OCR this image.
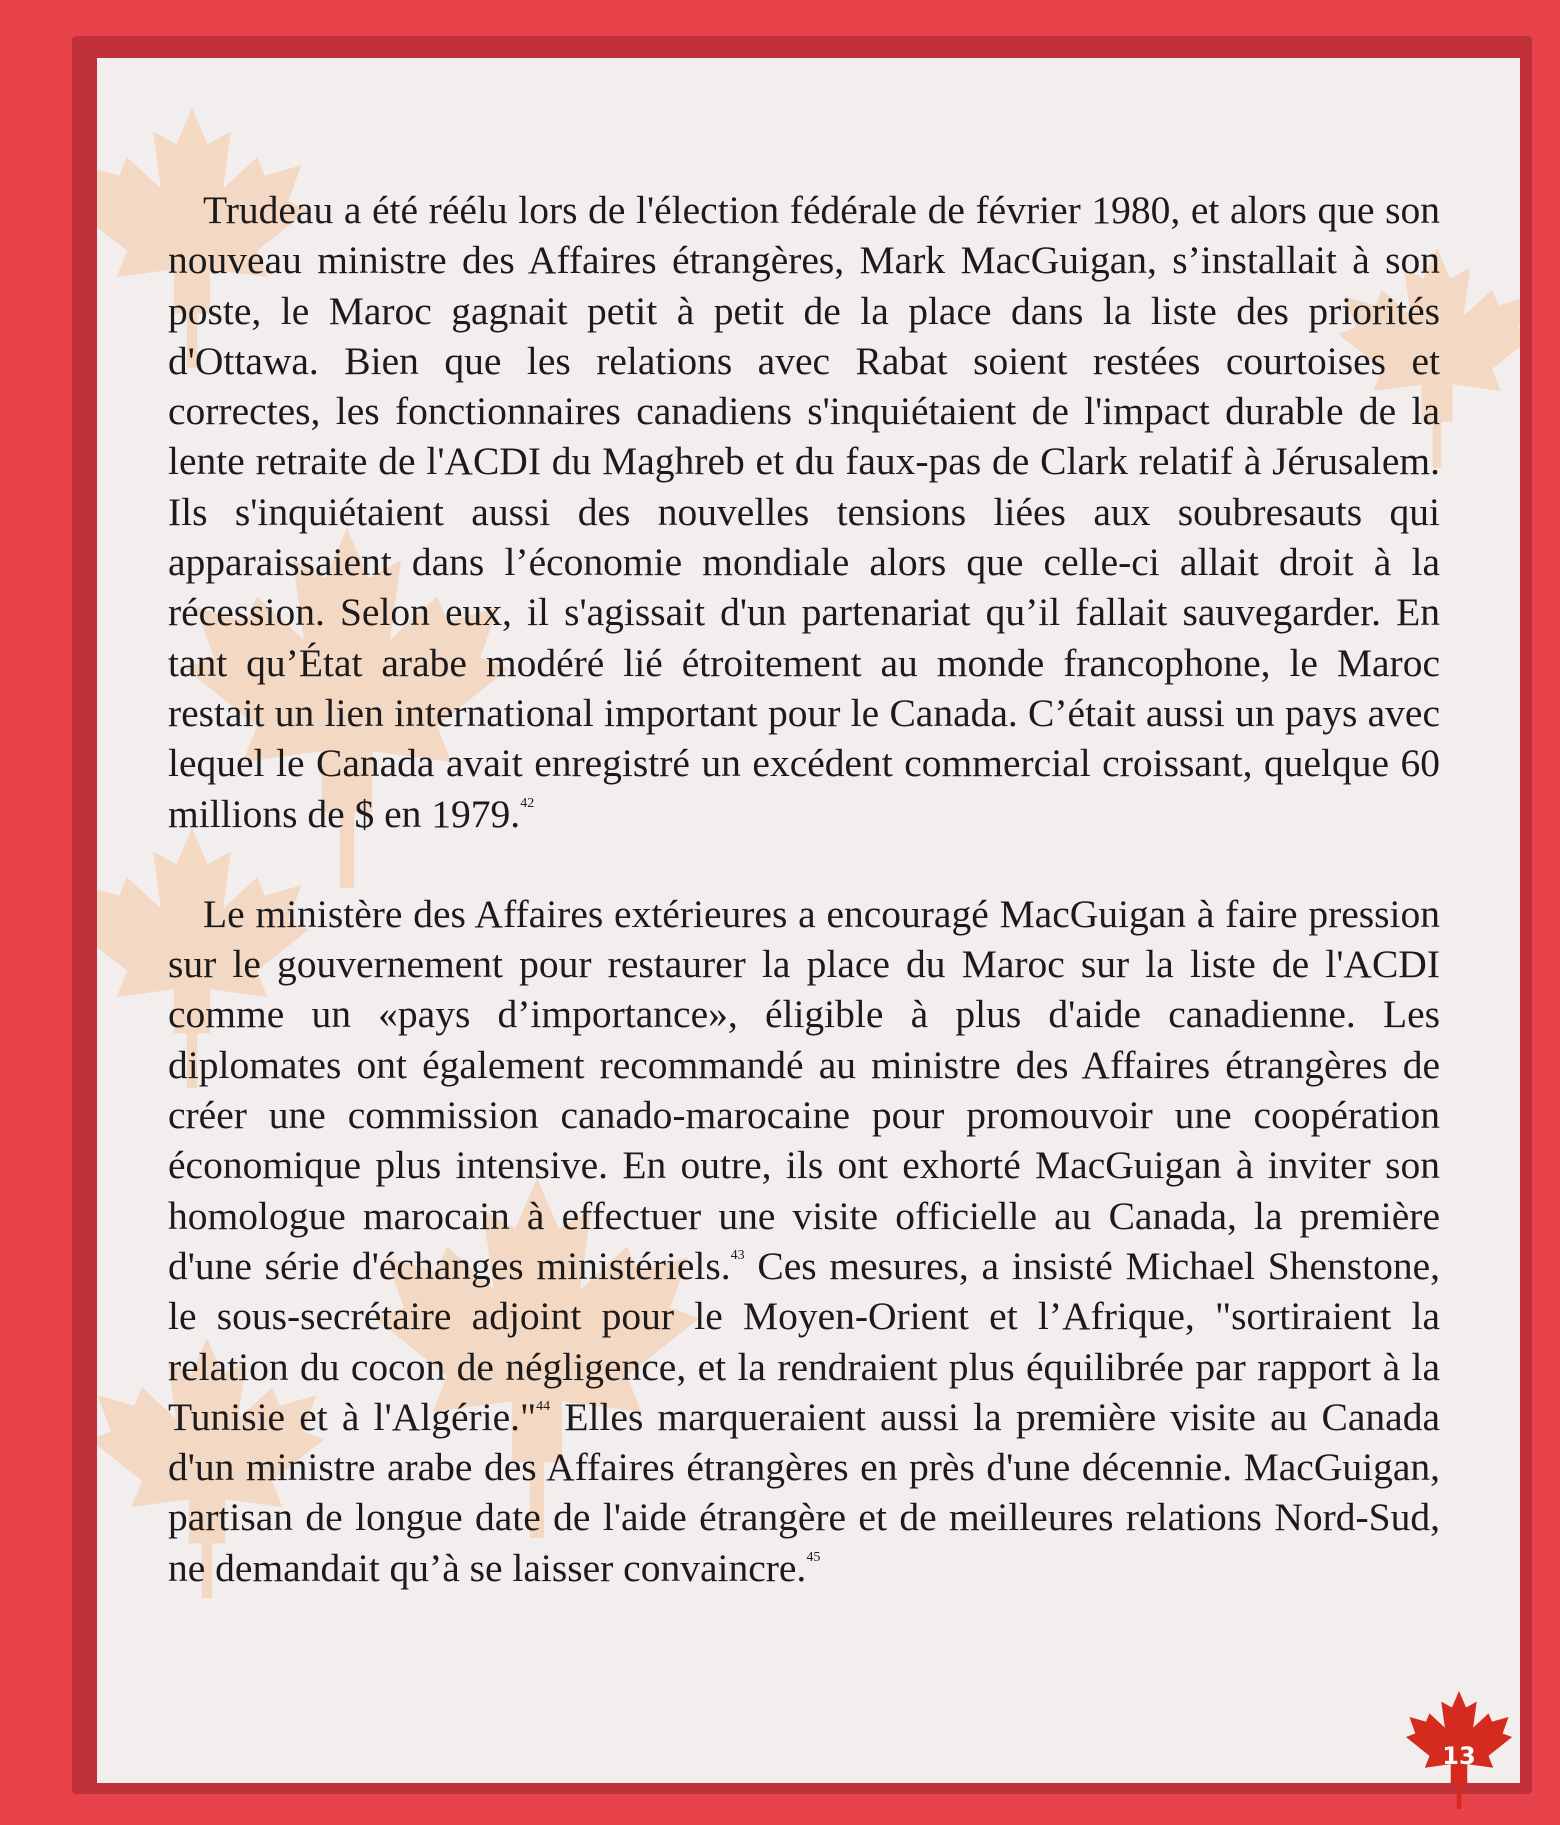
Trudeau a été réélu lors de l'élection fédérale de février 1980, et alors que son nouveau ministre des Affaires étrangères, Mark MacGuigan, s’installait à son poste, le Maroc gagnait petit à petit de la place dans la liste des priorités d'Ottawa. Bien que les relations avec Rabat soient restées courtoises et correctes, les fonctionnaires canadiens s'inquiétaient de l'impact durable de la lente retraite de l'ACDI du Maghreb et du faux-pas de Clark relatif à Jérusalem. Ils s'inquiétaient aussi des nouvelles tensions liées aux soubresauts qui apparaissaient dans l’économie mondiale alors que celle-ci allait droit à la récession. Selon eux, il s'agissait d'un partenariat qu’il fallait sauvegarder. En tant qu’État arabe modéré lié étroitement au monde francophone, le Maroc restait un lien international important pour le Canada. C’était aussi un pays avec lequel le Canada avait enregistré un excédent commercial croissant, quelque 60 millions de $ en 1979.42

Le ministère des Affaires extérieures a encouragé MacGuigan à faire pression sur le gouvernement pour restaurer la place du Maroc sur la liste de l'ACDI comme un «pays d’importance», éligible à plus d'aide canadienne. Les diplomates ont également recommandé au ministre des Affaires étrangères de créer une commission canado-marocaine pour promouvoir une coopération économique plus intensive. En outre, ils ont exhorté MacGuigan à inviter son homologue marocain à effectuer une visite officielle au Canada, la première d'une série d'échanges ministériels.$^{43}$ Ces mesures, a insisté Michael Shenstone, le sous-secrétaire adjoint pour le Moyen-Orient et l’Afrique, "sortiraient la relation du cocon de négligence, et la rendraient plus équilibrée par rapport à la Tunisie et à l'Algérie."$^{44}$ Elles marqueraient aussi la première visite au Canada d'un ministre arabe des Affaires étrangères en près d'une décennie. MacGuigan, partisan de longue date de l'aide étrangère et de meilleures relations Nord-Sud, ne demandait qu’à se laisser convaincre.$^{45}$

13
